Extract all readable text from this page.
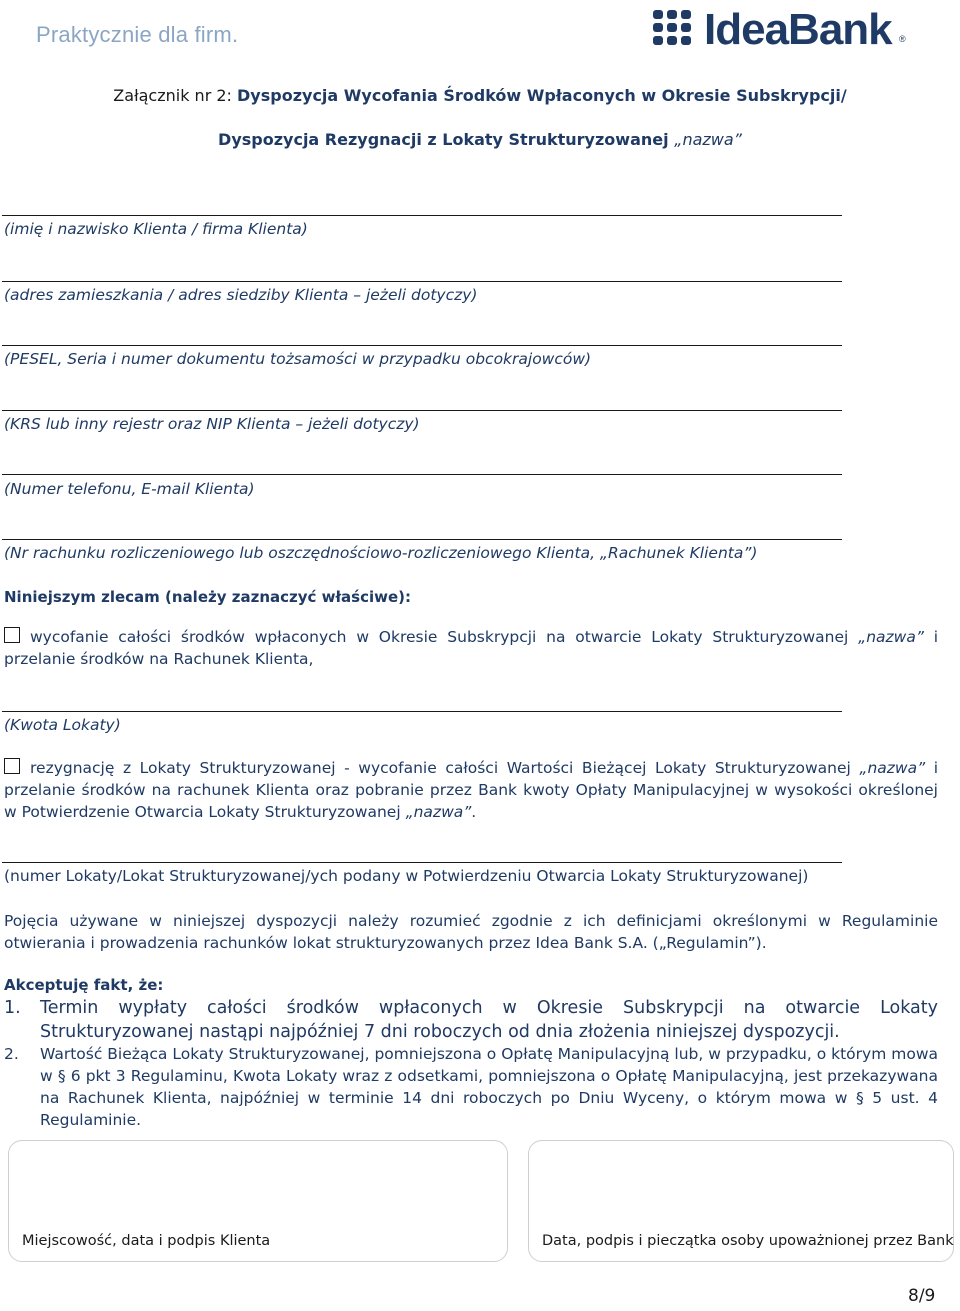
Praktycznie dla firm.	IdeaBank ®
Załącznik nr 2: Dyspozycja Wycofania Środków Wpłaconych w Okresie Subskrypcji/
Dyspozycja Rezygnacji z Lokaty Strukturyzowanej „nazwa”
(imię i nazwisko Klienta / firma Klienta)
(adres zamieszkania / adres siedziby Klienta – jeżeli dotyczy)
(PESEL, Seria i numer dokumentu tożsamości w przypadku obcokrajowców)
(KRS lub inny rejestr oraz NIP Klienta – jeżeli dotyczy)
(Numer telefonu, E-mail Klienta)
(Nr rachunku rozliczeniowego lub oszczędnościowo-rozliczeniowego Klienta, „Rachunek Klienta”)
Niniejszym zlecam (należy zaznaczyć właściwe):
wycofanie całości środków wpłaconych w Okresie Subskrypcji na otwarcie Lokaty Strukturyzowanej „nazwa” i przelanie środków na Rachunek Klienta,
(Kwota Lokaty)
rezygnację z Lokaty Strukturyzowanej - wycofanie całości Wartości Bieżącej Lokaty Strukturyzowanej „nazwa” i przelanie środków na rachunek Klienta oraz pobranie przez Bank kwoty Opłaty Manipulacyjnej w wysokości określonej w Potwierdzenie Otwarcia Lokaty Strukturyzowanej „nazwa”.
(numer Lokaty/Lokat Strukturyzowanej/ych podany w Potwierdzeniu Otwarcia Lokaty Strukturyzowanej)
Pojęcia używane w niniejszej dyspozycji należy rozumieć zgodnie z ich definicjami określonymi w Regulaminie otwierania i prowadzenia rachunków lokat strukturyzowanych przez Idea Bank S.A. („Regulamin”).
Akceptuję fakt, że:
1. Termin wypłaty całości środków wpłaconych w Okresie Subskrypcji na otwarcie Lokaty Strukturyzowanej nastąpi najpóźniej 7 dni roboczych od dnia złożenia niniejszej dyspozycji.
2. Wartość Bieżąca Lokaty Strukturyzowanej, pomniejszona o Opłatę Manipulacyjną lub, w przypadku, o którym mowa w § 6 pkt 3 Regulaminu, Kwota Lokaty wraz z odsetkami, pomniejszona o Opłatę Manipulacyjną, jest przekazywana na Rachunek Klienta, najpóźniej w terminie 14 dni roboczych po Dniu Wyceny, o którym mowa w § 5 ust. 4 Regulaminie.
Miejscowość, data i podpis Klienta	Data, podpis i pieczątka osoby upoważnionej przez Bank
8/9
